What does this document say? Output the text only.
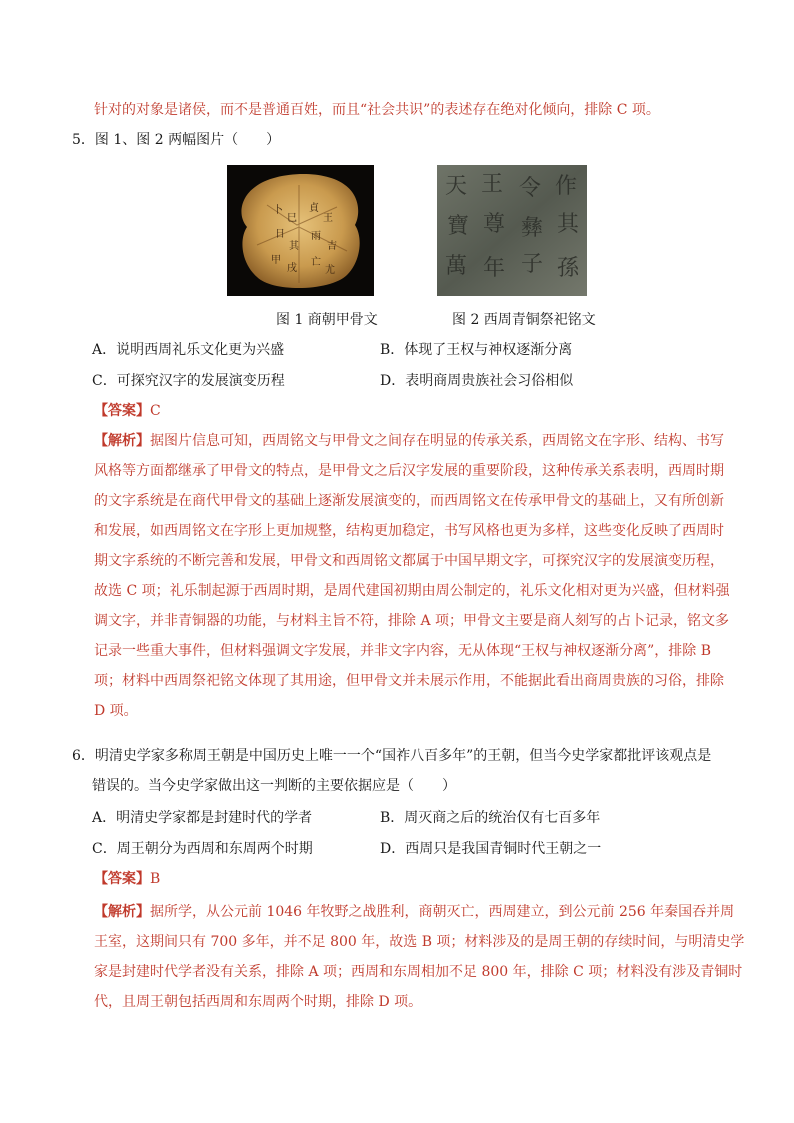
针对的对象是诸侯，而不是普通百姓，而且“社会共识”的表述存在绝对化倾向，排除 C 项。
5．图 1、图 2 两幅图片（　　）
卜
巳
貞
王
日
其
雨
吉
甲
戌
亡
尤
天 王 令 作
寶 尊 彝 其
萬 年 子 孫
图 1 商朝甲骨文	图 2 西周青铜祭祀铭文
A．说明西周礼乐文化更为兴盛	B．体现了王权与神权逐渐分离
C．可探究汉字的发展演变历程	D．表明商周贵族社会习俗相似
【答案】C
【解析】据图片信息可知，西周铭文与甲骨文之间存在明显的传承关系，西周铭文在字形、结构、书写
风格等方面都继承了甲骨文的特点，是甲骨文之后汉字发展的重要阶段，这种传承关系表明，西周时期
的文字系统是在商代甲骨文的基础上逐渐发展演变的，而西周铭文在传承甲骨文的基础上，又有所创新
和发展，如西周铭文在字形上更加规整，结构更加稳定，书写风格也更为多样，这些变化反映了西周时
期文字系统的不断完善和发展，甲骨文和西周铭文都属于中国早期文字，可探究汉字的发展演变历程，
故选 C 项；礼乐制起源于西周时期，是周代建国初期由周公制定的，礼乐文化相对更为兴盛，但材料强
调文字，并非青铜器的功能，与材料主旨不符，排除 A 项；甲骨文主要是商人刻写的占卜记录，铭文多
记录一些重大事件，但材料强调文字发展，并非文字内容，无从体现“王权与神权逐渐分离”，排除 B
项；材料中西周祭祀铭文体现了其用途，但甲骨文并未展示作用，不能据此看出商周贵族的习俗，排除
D 项。
6．明清史学家多称周王朝是中国历史上唯一一个“国祚八百多年”的王朝，但当今史学家都批评该观点是
错误的。当今史学家做出这一判断的主要依据应是（　　）
A．明清史学家都是封建时代的学者	B．周灭商之后的统治仅有七百多年
C．周王朝分为西周和东周两个时期	D．西周只是我国青铜时代王朝之一
【答案】B
【解析】据所学，从公元前 1046 年牧野之战胜利，商朝灭亡，西周建立，到公元前 256 年秦国吞并周
王室，这期间只有 700 多年，并不足 800 年，故选 B 项；材料涉及的是周王朝的存续时间，与明清史学
家是封建时代学者没有关系，排除 A 项；西周和东周相加不足 800 年，排除 C 项；材料没有涉及青铜时
代，且周王朝包括西周和东周两个时期，排除 D 项。
